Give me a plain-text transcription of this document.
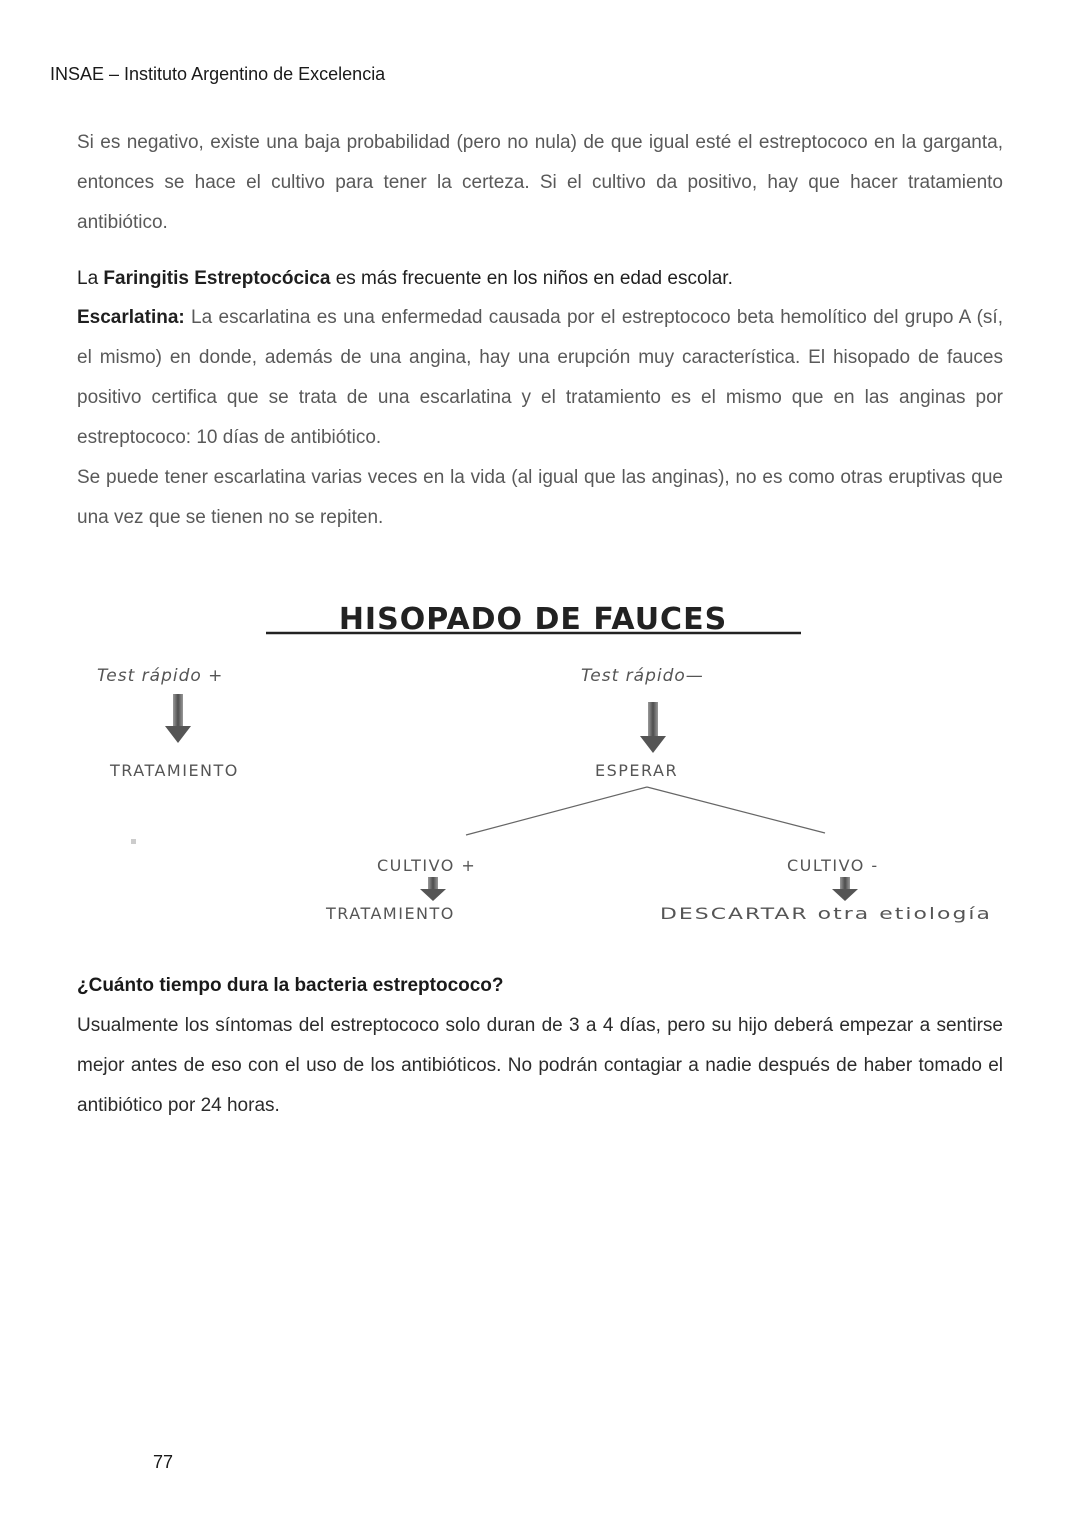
INSAE – Instituto Argentino de Excelencia

Si es negativo, existe una baja probabilidad (pero no nula) de que igual esté el estreptococo en la garganta, entonces se hace el cultivo para tener la certeza. Si el cultivo da positivo, hay que hacer tratamiento antibiótico.

La Faringitis Estreptocócica es más frecuente en los niños en edad escolar.

Escarlatina: La escarlatina es una enfermedad causada por el estreptococo beta hemolítico del grupo A (sí, el mismo) en donde, además de una angina, hay una erupción muy característica. El hisopado de fauces positivo certifica que se trata de una escarlatina y el tratamiento es el mismo que en las anginas por estreptococo: 10 días de antibiótico.

Se puede tener escarlatina varias veces en la vida (al igual que las anginas), no es como otras eruptivas que una vez que se tienen no se repiten.

HISOPADO DE FAUCES
Test rápido +
TRATAMIENTO
Test rápido—
ESPERAR
CULTIVO +
TRATAMIENTO
CULTIVO -
DESCARTAR otra etiología

¿Cuánto tiempo dura la bacteria estreptococo?

Usualmente los síntomas del estreptococo solo duran de 3 a 4 días, pero su hijo deberá empezar a sentirse mejor antes de eso con el uso de los antibióticos. No podrán contagiar a nadie después de haber tomado el antibiótico por 24 horas.

77
